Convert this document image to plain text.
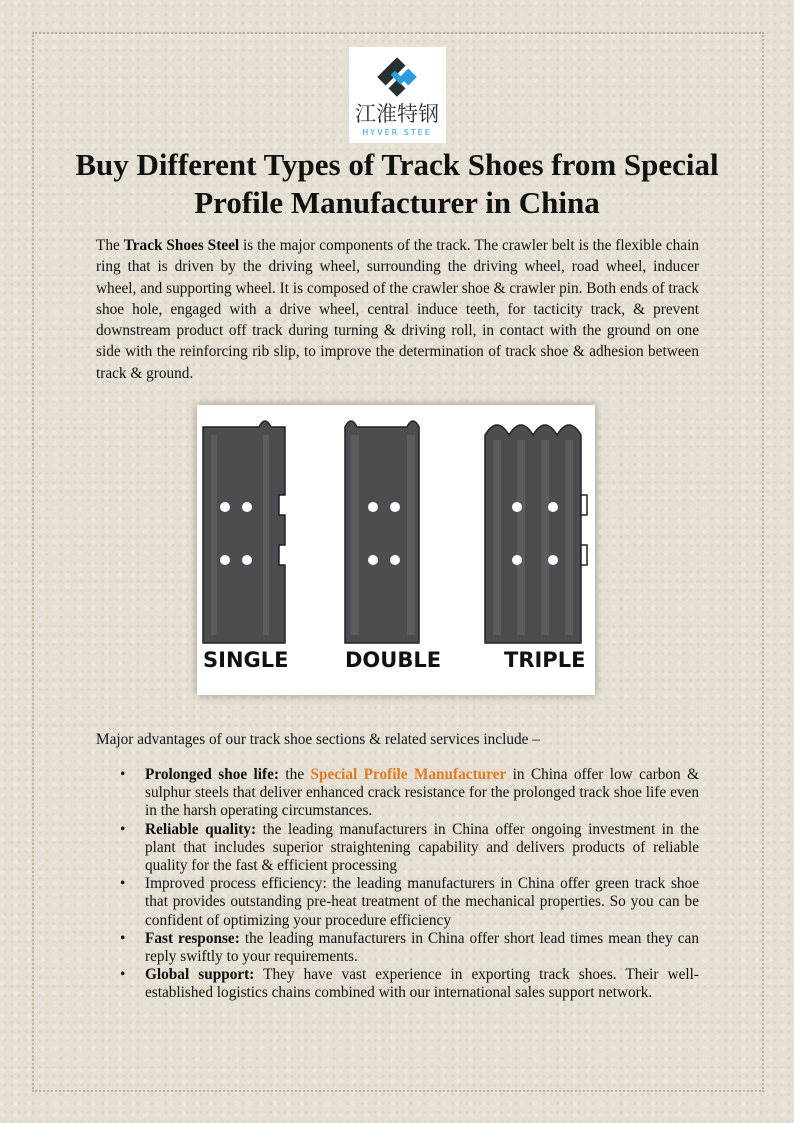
江淮特钢
HYVER STEE
Buy Different Types of Track Shoes from Special Profile Manufacturer in China

The Track Shoes Steel is the major components of the track. The crawler belt is the flexible chain ring that is driven by the driving wheel, surrounding the driving wheel, road wheel, inducer wheel, and supporting wheel. It is composed of the crawler shoe & crawler pin. Both ends of track shoe hole, engaged with a drive wheel, central induce teeth, for tacticity track, & prevent downstream product off track during turning & driving roll, in contact with the ground on one side with the reinforcing rib slip, to improve the determination of track shoe & adhesion between track & ground.

SINGLE	DOUBLE	TRIPLE

Major advantages of our track shoe sections & related services include –

• Prolonged shoe life: the Special Profile Manufacturer in China offer low carbon & sulphur steels that deliver enhanced crack resistance for the prolonged track shoe life even in the harsh operating circumstances.
• Reliable quality: the leading manufacturers in China offer ongoing investment in the plant that includes superior straightening capability and delivers products of reliable quality for the fast & efficient processing
• Improved process efficiency: the leading manufacturers in China offer green track shoe that provides outstanding pre-heat treatment of the mechanical properties. So you can be confident of optimizing your procedure efficiency
• Fast response: the leading manufacturers in China offer short lead times mean they can reply swiftly to your requirements.
• Global support: They have vast experience in exporting track shoes. Their well-established logistics chains combined with our international sales support network.
